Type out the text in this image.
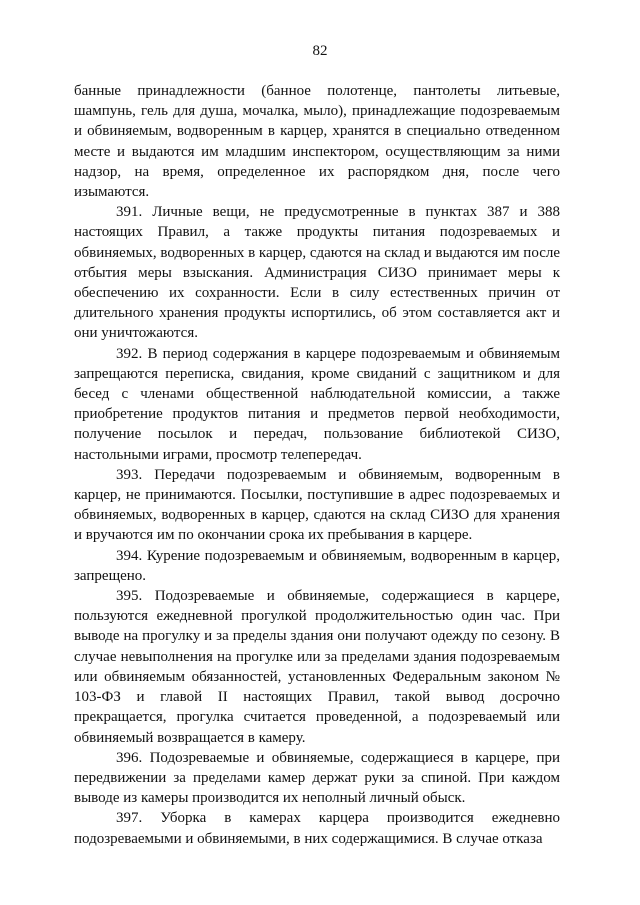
82

банные принадлежности (банное полотенце, пантолеты литьевые, шампунь, гель для душа, мочалка, мыло), принадлежащие подозреваемым и обвиняемым, водворенным в карцер, хранятся в специально отведенном месте и выдаются им младшим инспектором, осуществляющим за ними надзор, на время, определенное их распорядком дня, после чего изымаются.

391. Личные вещи, не предусмотренные в пунктах 387 и 388 настоящих Правил, а также продукты питания подозреваемых и обвиняемых, водворенных в карцер, сдаются на склад и выдаются им после отбытия меры взыскания. Администрация СИЗО принимает меры к обеспечению их сохранности. Если в силу естественных причин от длительного хранения продукты испортились, об этом составляется акт и они уничтожаются.

392. В период содержания в карцере подозреваемым и обвиняемым запрещаются переписка, свидания, кроме свиданий с защитником и для бесед с членами общественной наблюдательной комиссии, а также приобретение продуктов питания и предметов первой необходимости, получение посылок и передач, пользование библиотекой СИЗО, настольными играми, просмотр телепередач.

393. Передачи подозреваемым и обвиняемым, водворенным в карцер, не принимаются. Посылки, поступившие в адрес подозреваемых и обвиняемых, водворенных в карцер, сдаются на склад СИЗО для хранения и вручаются им по окончании срока их пребывания в карцере.

394. Курение подозреваемым и обвиняемым, водворенным в карцер, запрещено.

395. Подозреваемые и обвиняемые, содержащиеся в карцере, пользуются ежедневной прогулкой продолжительностью один час. При выводе на прогулку и за пределы здания они получают одежду по сезону. В случае невыполнения на прогулке или за пределами здания подозреваемым или обвиняемым обязанностей, установленных Федеральным законом № 103-ФЗ и главой II настоящих Правил, такой вывод досрочно прекращается, прогулка считается проведенной, а подозреваемый или обвиняемый возвращается в камеру.

396. Подозреваемые и обвиняемые, содержащиеся в карцере, при передвижении за пределами камер держат руки за спиной. При каждом выводе из камеры производится их неполный личный обыск.

397. Уборка в камерах карцера производится ежедневно подозреваемыми и обвиняемыми, в них содержащимися. В случае отказа
